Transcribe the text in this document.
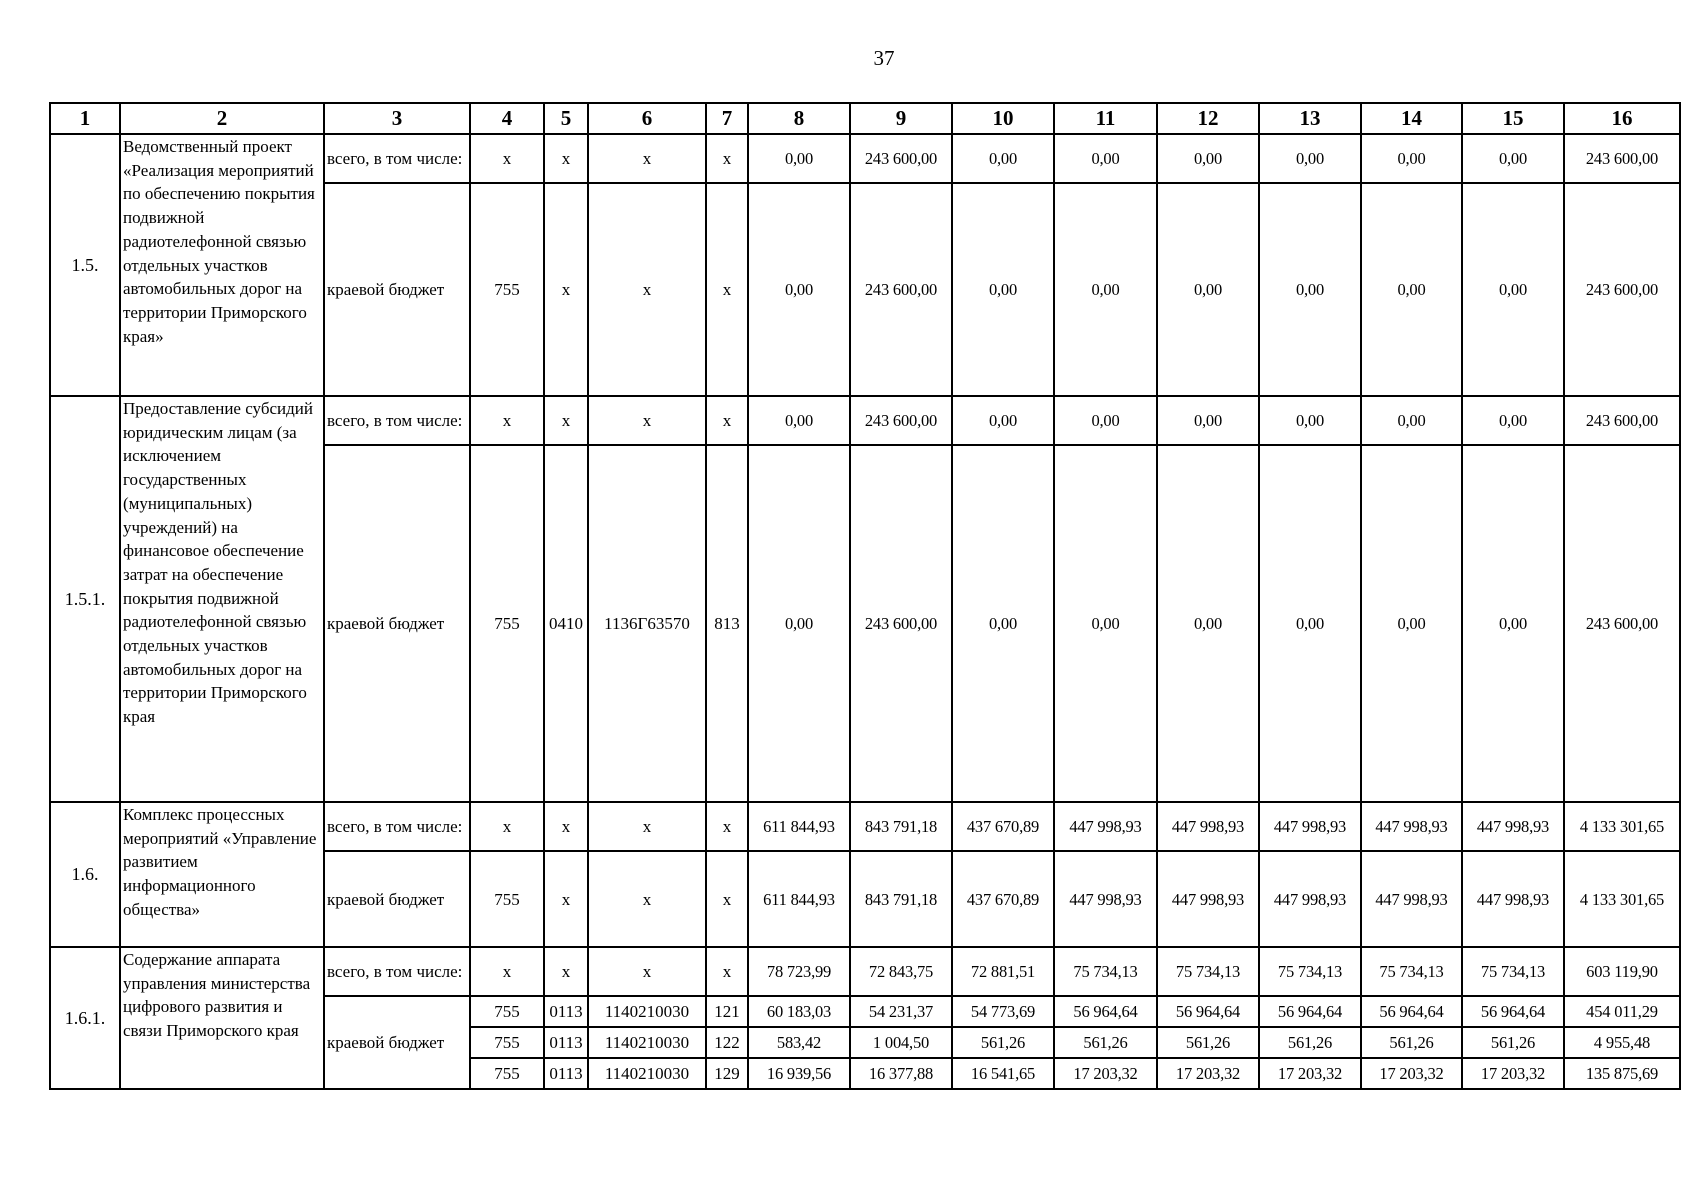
37
1	2	3	4	5	6	7	8	9	10	11	12	13	14	15	16
1.5.	Ведомственный проект «Реализация мероприятий по обеспечению покрытия подвижной радиотелефонной связью отдельных участков автомобильных дорог на территории Приморского края»	всего, в том числе:	x	x	x	x	0,00	243 600,00	0,00	0,00	0,00	0,00	0,00	0,00	243 600,00
		краевой бюджет	755	x	x	x	0,00	243 600,00	0,00	0,00	0,00	0,00	0,00	0,00	243 600,00
1.5.1.	Предоставление субсидий юридическим лицам (за исключением государственных (муниципальных) учреждений) на финансовое обеспечение затрат на обеспечение покрытия подвижной радиотелефонной связью отдельных участков автомобильных дорог на территории Приморского края	всего, в том числе:	x	x	x	x	0,00	243 600,00	0,00	0,00	0,00	0,00	0,00	0,00	243 600,00
		краевой бюджет	755	0410	1136Г63570	813	0,00	243 600,00	0,00	0,00	0,00	0,00	0,00	0,00	243 600,00
1.6.	Комплекс процессных мероприятий «Управление развитием информационного общества»	всего, в том числе:	x	x	x	x	611 844,93	843 791,18	437 670,89	447 998,93	447 998,93	447 998,93	447 998,93	447 998,93	4 133 301,65
		краевой бюджет	755	x	x	x	611 844,93	843 791,18	437 670,89	447 998,93	447 998,93	447 998,93	447 998,93	447 998,93	4 133 301,65
1.6.1.	Содержание аппарата управления министерства цифрового развития и связи Приморского края	всего, в том числе:	x	x	x	x	78 723,99	72 843,75	72 881,51	75 734,13	75 734,13	75 734,13	75 734,13	75 734,13	603 119,90
		краевой бюджет	755	0113	1140210030	121	60 183,03	54 231,37	54 773,69	56 964,64	56 964,64	56 964,64	56 964,64	56 964,64	454 011,29
			755	0113	1140210030	122	583,42	1 004,50	561,26	561,26	561,26	561,26	561,26	561,26	4 955,48
			755	0113	1140210030	129	16 939,56	16 377,88	16 541,65	17 203,32	17 203,32	17 203,32	17 203,32	17 203,32	135 875,69
